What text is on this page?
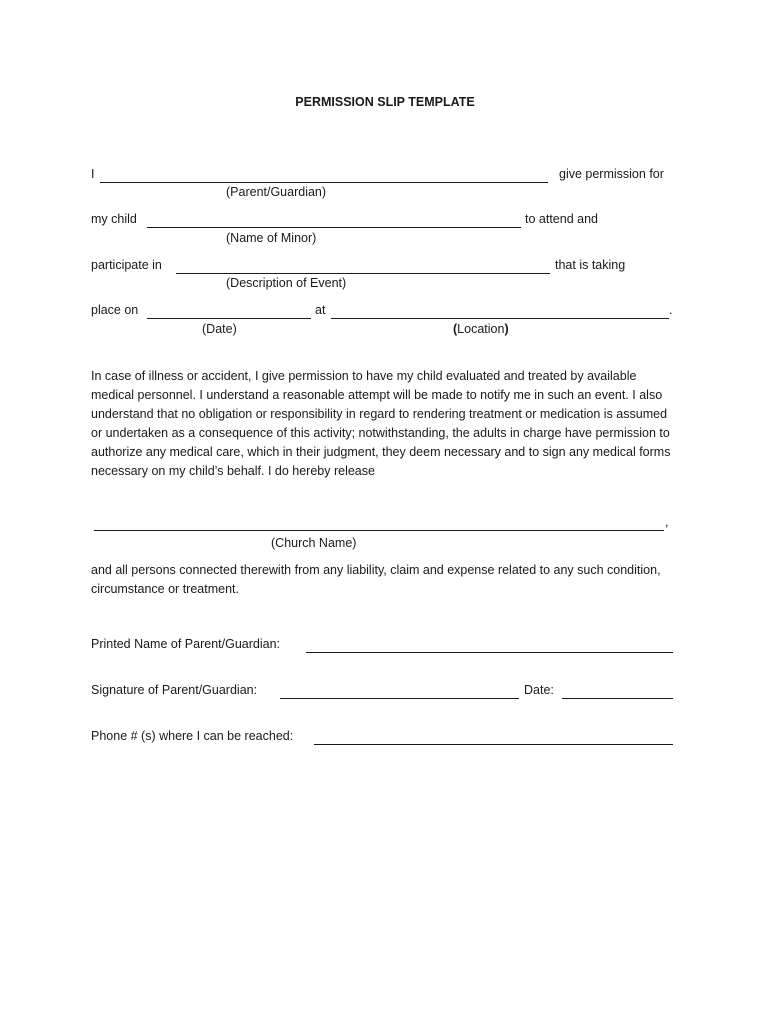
PERMISSION SLIP TEMPLATE
I	give permission for
(Parent/Guardian)
my child	to attend and
(Name of Minor)
participate in	that is taking
(Description of Event)
place on	at	.
(Date)	(Location)
In case of illness or accident, I give permission to have my child evaluated and treated by available medical personnel. I understand a reasonable attempt will be made to notify me in such an event. I also understand that no obligation or responsibility in regard to rendering treatment or medication is assumed or undertaken as a consequence of this activity; notwithstanding, the adults in charge have permission to authorize any medical care, which in their judgment, they deem necessary and to sign any medical forms necessary on my child’s behalf. I do hereby release
,
(Church Name)
and all persons connected therewith from any liability, claim and expense related to any such condition, circumstance or treatment.
Printed Name of Parent/Guardian:
Signature of Parent/Guardian:	Date:
Phone # (s) where I can be reached:
